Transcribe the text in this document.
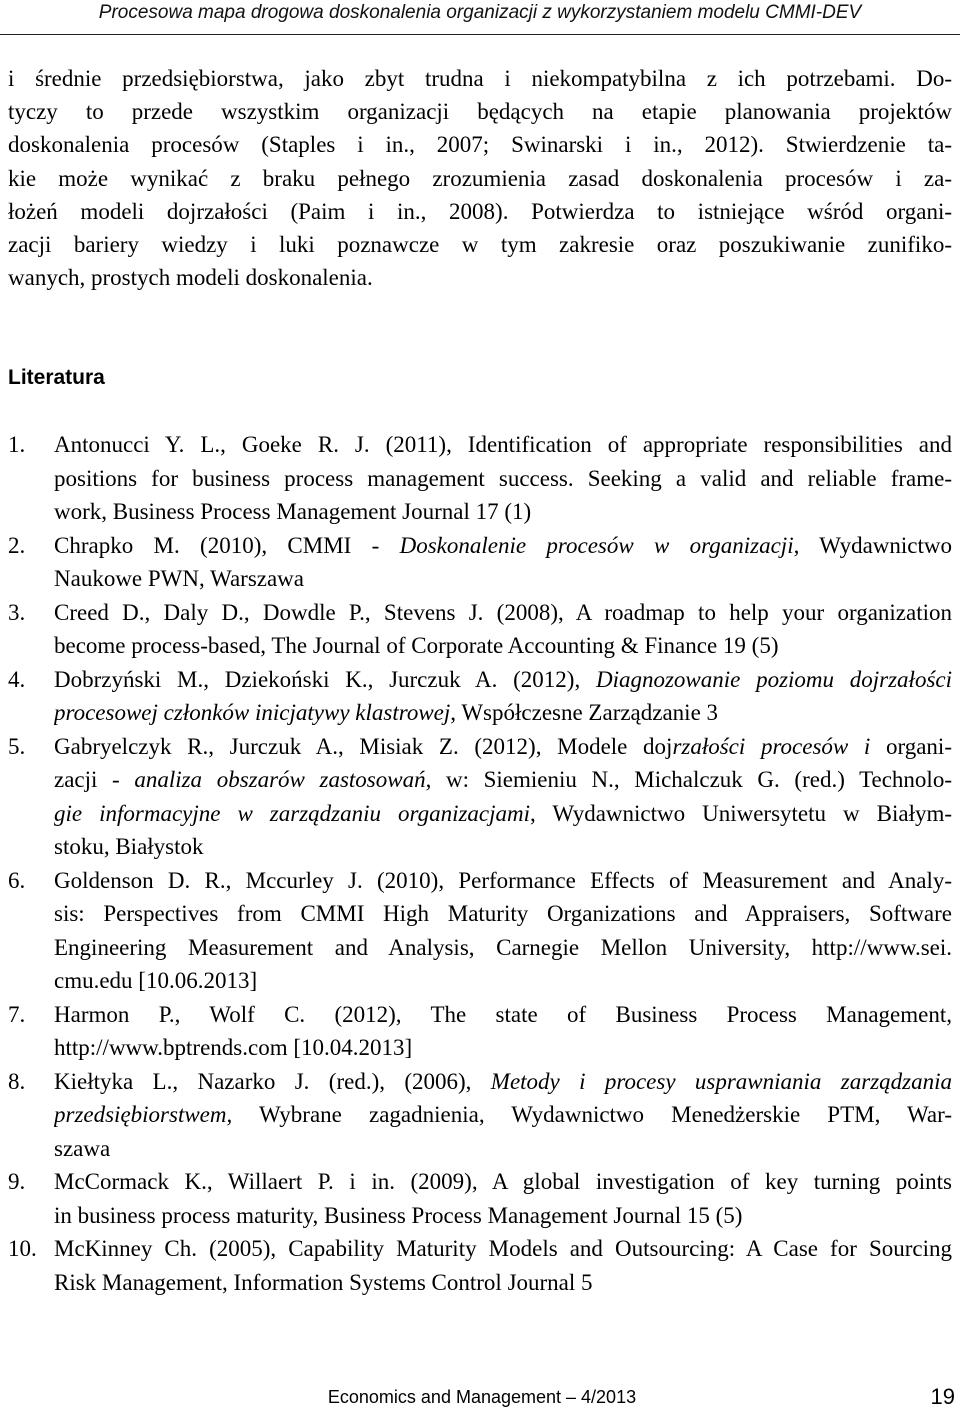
Procesowa mapa drogowa doskonalenia organizacji z wykorzystaniem modelu CMMI-DEV
i średnie przedsiębiorstwa, jako zbyt trudna i niekompatybilna z ich potrzebami. Do-
tyczy to przede wszystkim organizacji będących na etapie planowania projektów
doskonalenia procesów (Staples i in., 2007; Swinarski i in., 2012). Stwierdzenie ta-
kie może wynikać z braku pełnego zrozumienia zasad doskonalenia procesów i za-
łożeń modeli dojrzałości (Paim i in., 2008). Potwierdza to istniejące wśród organi-
zacji bariery wiedzy i luki poznawcze w tym zakresie oraz poszukiwanie zunifiko-
wanych, prostych modeli doskonalenia.
Literatura
1. Antonucci Y. L., Goeke R. J. (2011), Identification of appropriate responsibilities and
positions for business process management success. Seeking a valid and reliable frame-
work, Business Process Management Journal 17 (1)
2. Chrapko M. (2010), CMMI - Doskonalenie procesów w organizacji, Wydawnictwo
Naukowe PWN, Warszawa
3. Creed D., Daly D., Dowdle P., Stevens J. (2008), A roadmap to help your organization
become process-based, The Journal of Corporate Accounting & Finance 19 (5)
4. Dobrzyński M., Dziekoński K., Jurczuk A. (2012), Diagnozowanie poziomu dojrzałości
procesowej członków inicjatywy klastrowej, Współczesne Zarządzanie 3
5. Gabryelczyk R., Jurczuk A., Misiak Z. (2012), Modele dojrzałości procesów i organi-
zacji - analiza obszarów zastosowań, w: Siemieniu N., Michalczuk G. (red.) Technolo-
gie informacyjne w zarządzaniu organizacjami, Wydawnictwo Uniwersytetu w Białym-
stoku, Białystok
6. Goldenson D. R., Mccurley J. (2010), Performance Effects of Measurement and Analy-
sis: Perspectives from CMMI High Maturity Organizations and Appraisers, Software
Engineering Measurement and Analysis, Carnegie Mellon University, http://www.sei.
cmu.edu [10.06.2013]
7. Harmon P., Wolf C. (2012), The state of Business Process Management,
http://www.bptrends.com [10.04.2013]
8. Kiełtyka L., Nazarko J. (red.), (2006), Metody i procesy usprawniania zarządzania
przedsiębiorstwem, Wybrane zagadnienia, Wydawnictwo Menedżerskie PTM, War-
szawa
9. McCormack K., Willaert P. i in. (2009), A global investigation of key turning points
in business process maturity, Business Process Management Journal 15 (5)
10. McKinney Ch. (2005), Capability Maturity Models and Outsourcing: A Case for Sourcing
Risk Management, Information Systems Control Journal 5
Economics and Management – 4/2013	19
